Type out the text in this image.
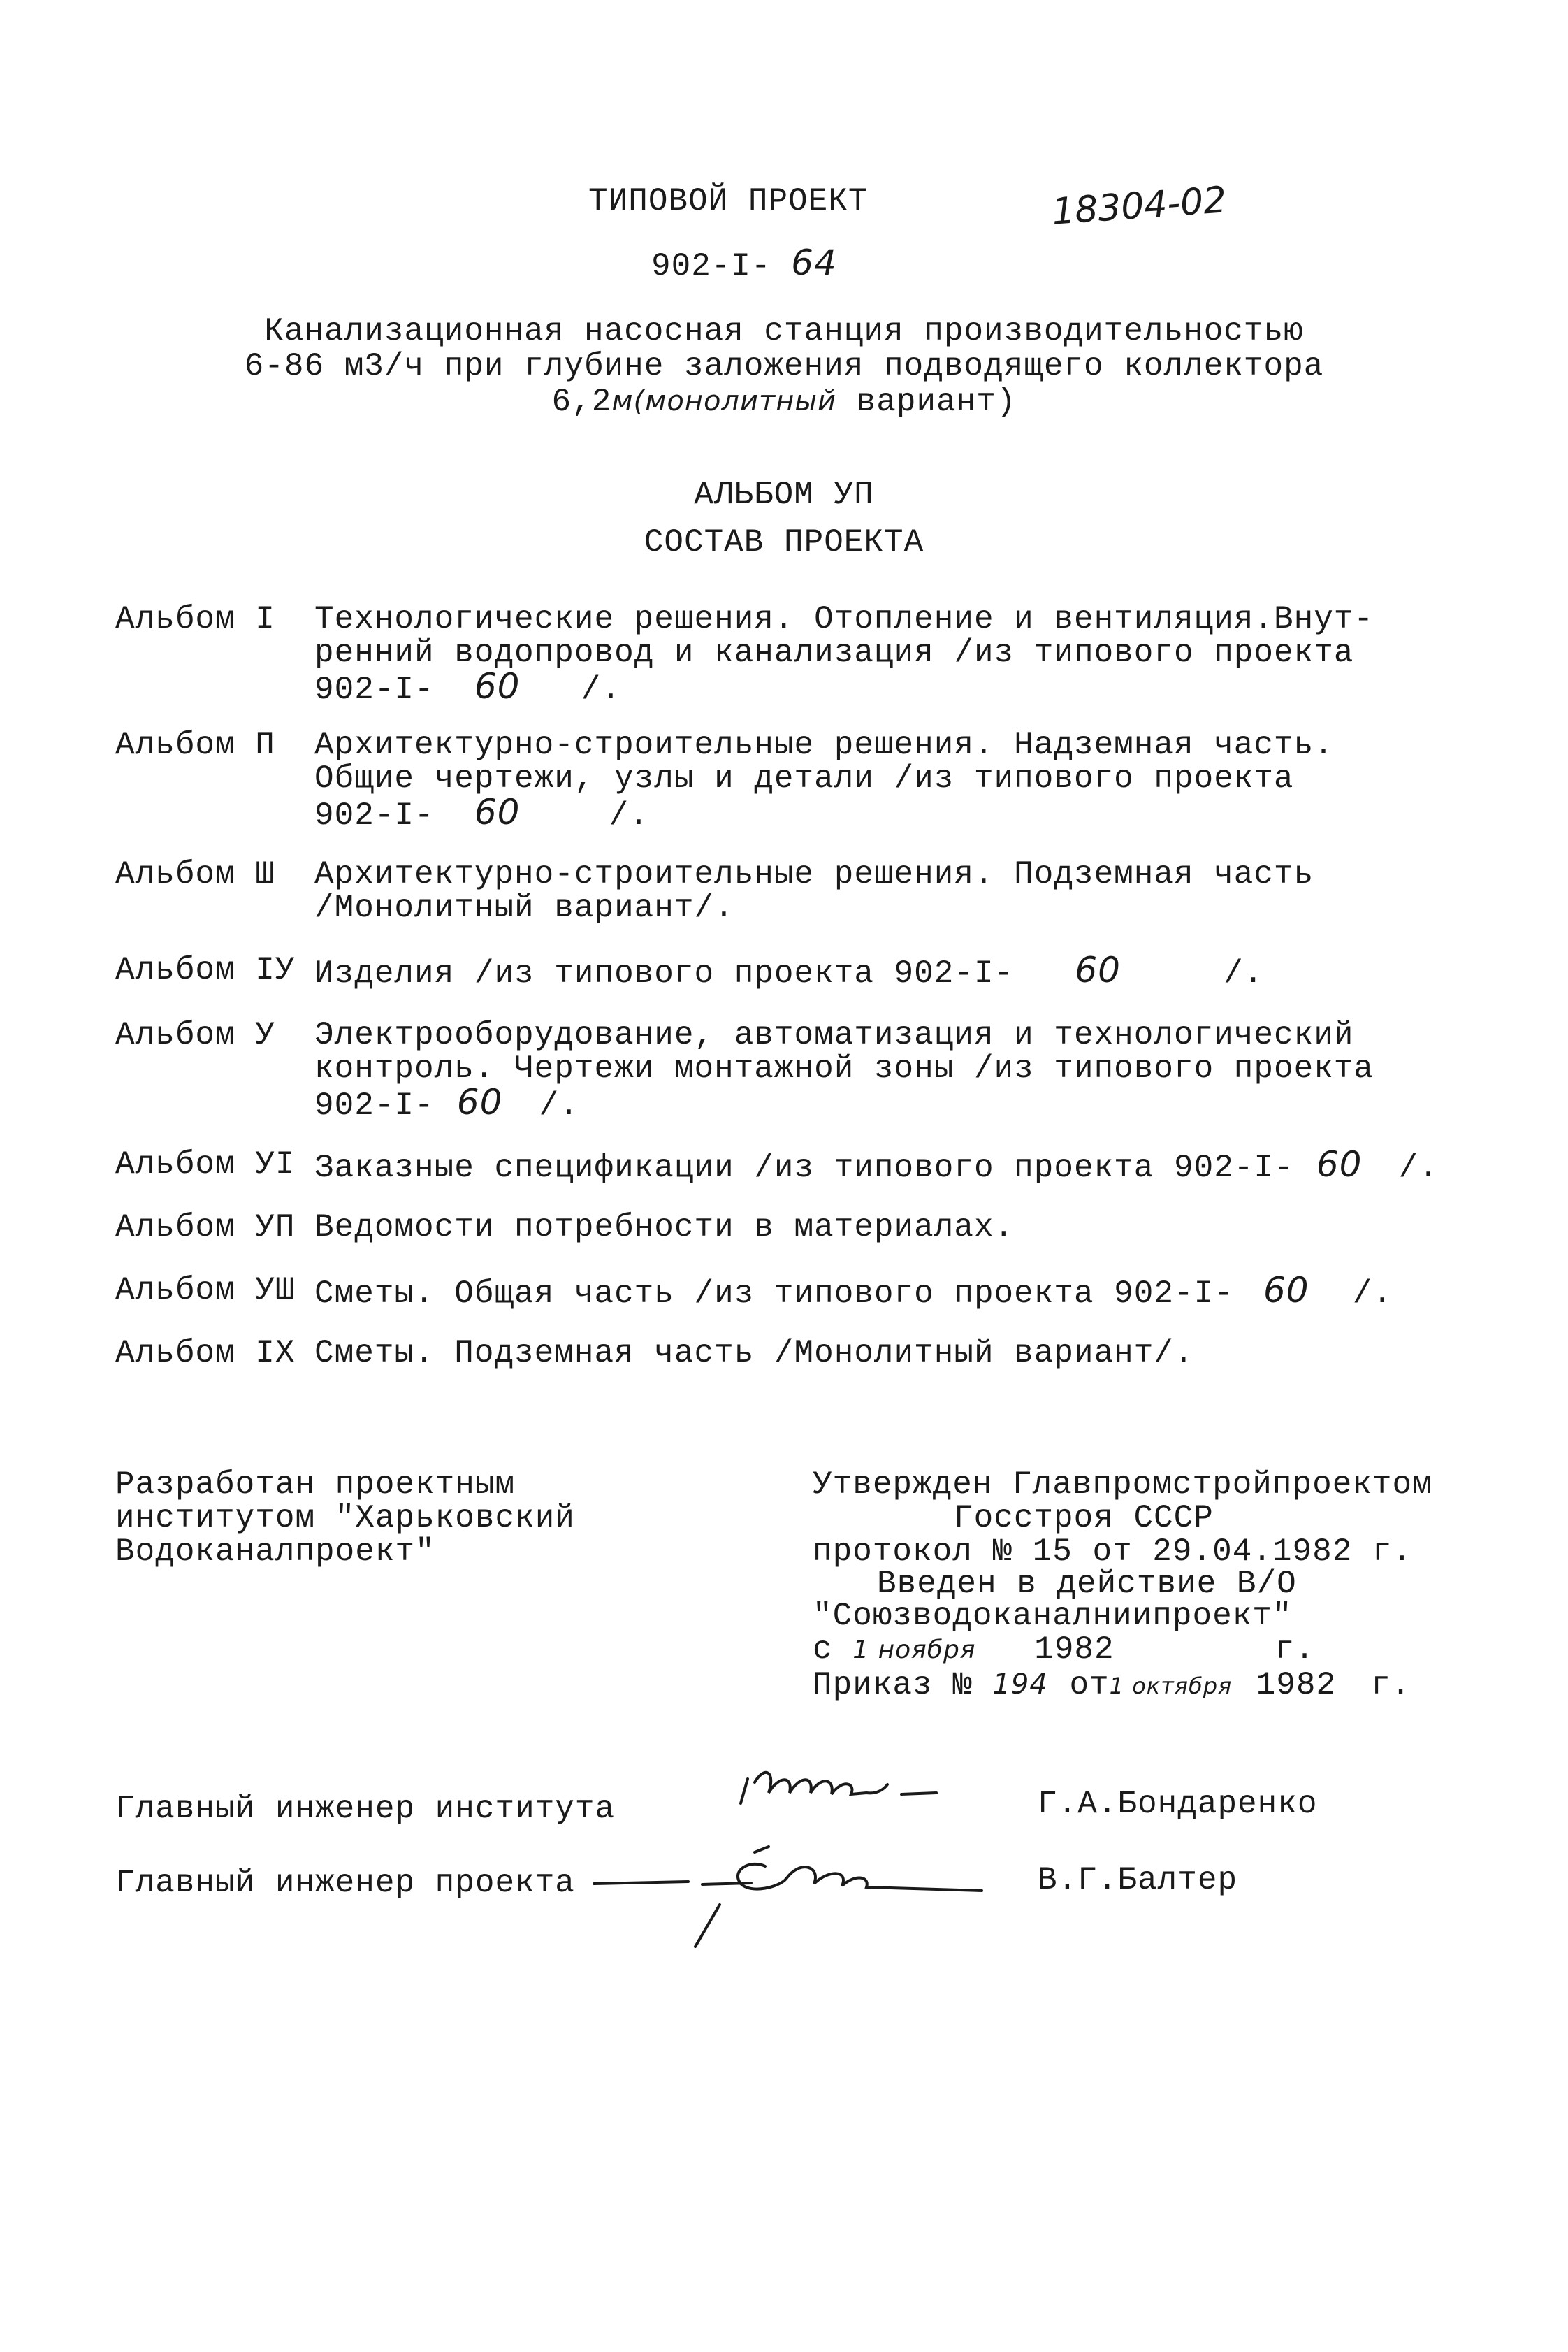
ТИПОВОЙ ПРОЕКТ	18304-02
902-I- 64
Канализационная насосная станция производительностью
6-86 м3/ч при глубине заложения подводящего коллектора
6,2м(монолитный вариант)
АЛЬБОМ УП
СОСТАВ ПРОЕКТА
Альбом I Технологические решения. Отопление и вентиляция.Внут-
ренний водопровод и канализация /из типового проекта
902-I- 60 /.
Альбом П Архитектурно-строительные решения. Надземная часть.
Общие чертежи, узлы и детали /из типового проекта
902-I- 60	/.
Альбом Ш Архитектурно-строительные решения. Подземная часть
/Монолитный вариант/.
Альбом IУ Изделия /из типового проекта 902-I- 60	/.
Альбом У Электрооборудование, автоматизация и технологический
контроль. Чертежи монтажной зоны /из типового проекта
902-I- 60 /.
Альбом УI Заказные спецификации /из типового проекта 902-I- 60 /.
Альбом УП Ведомости потребности в материалах.
Альбом УШ Сметы. Общая часть /из типового проекта 902-I- 60 /.
Альбом IX Сметы. Подземная часть /Монолитный вариант/.
Разработан проектным
институтом "Харьковский
Водоканалпроект"
Утвержден Главпромстройпроектом
Госстроя СССР
протокол № 15 от 29.04.1982 г.
Введен в действие В/О
"Союзводоканалниипроект"
с 1 ноября 1982	г.
Приказ № 194 от1 октября 1982 г.
Главный инженер института	Г.А.Бондаренко
Главный инженер проекта	В.Г.Балтер
